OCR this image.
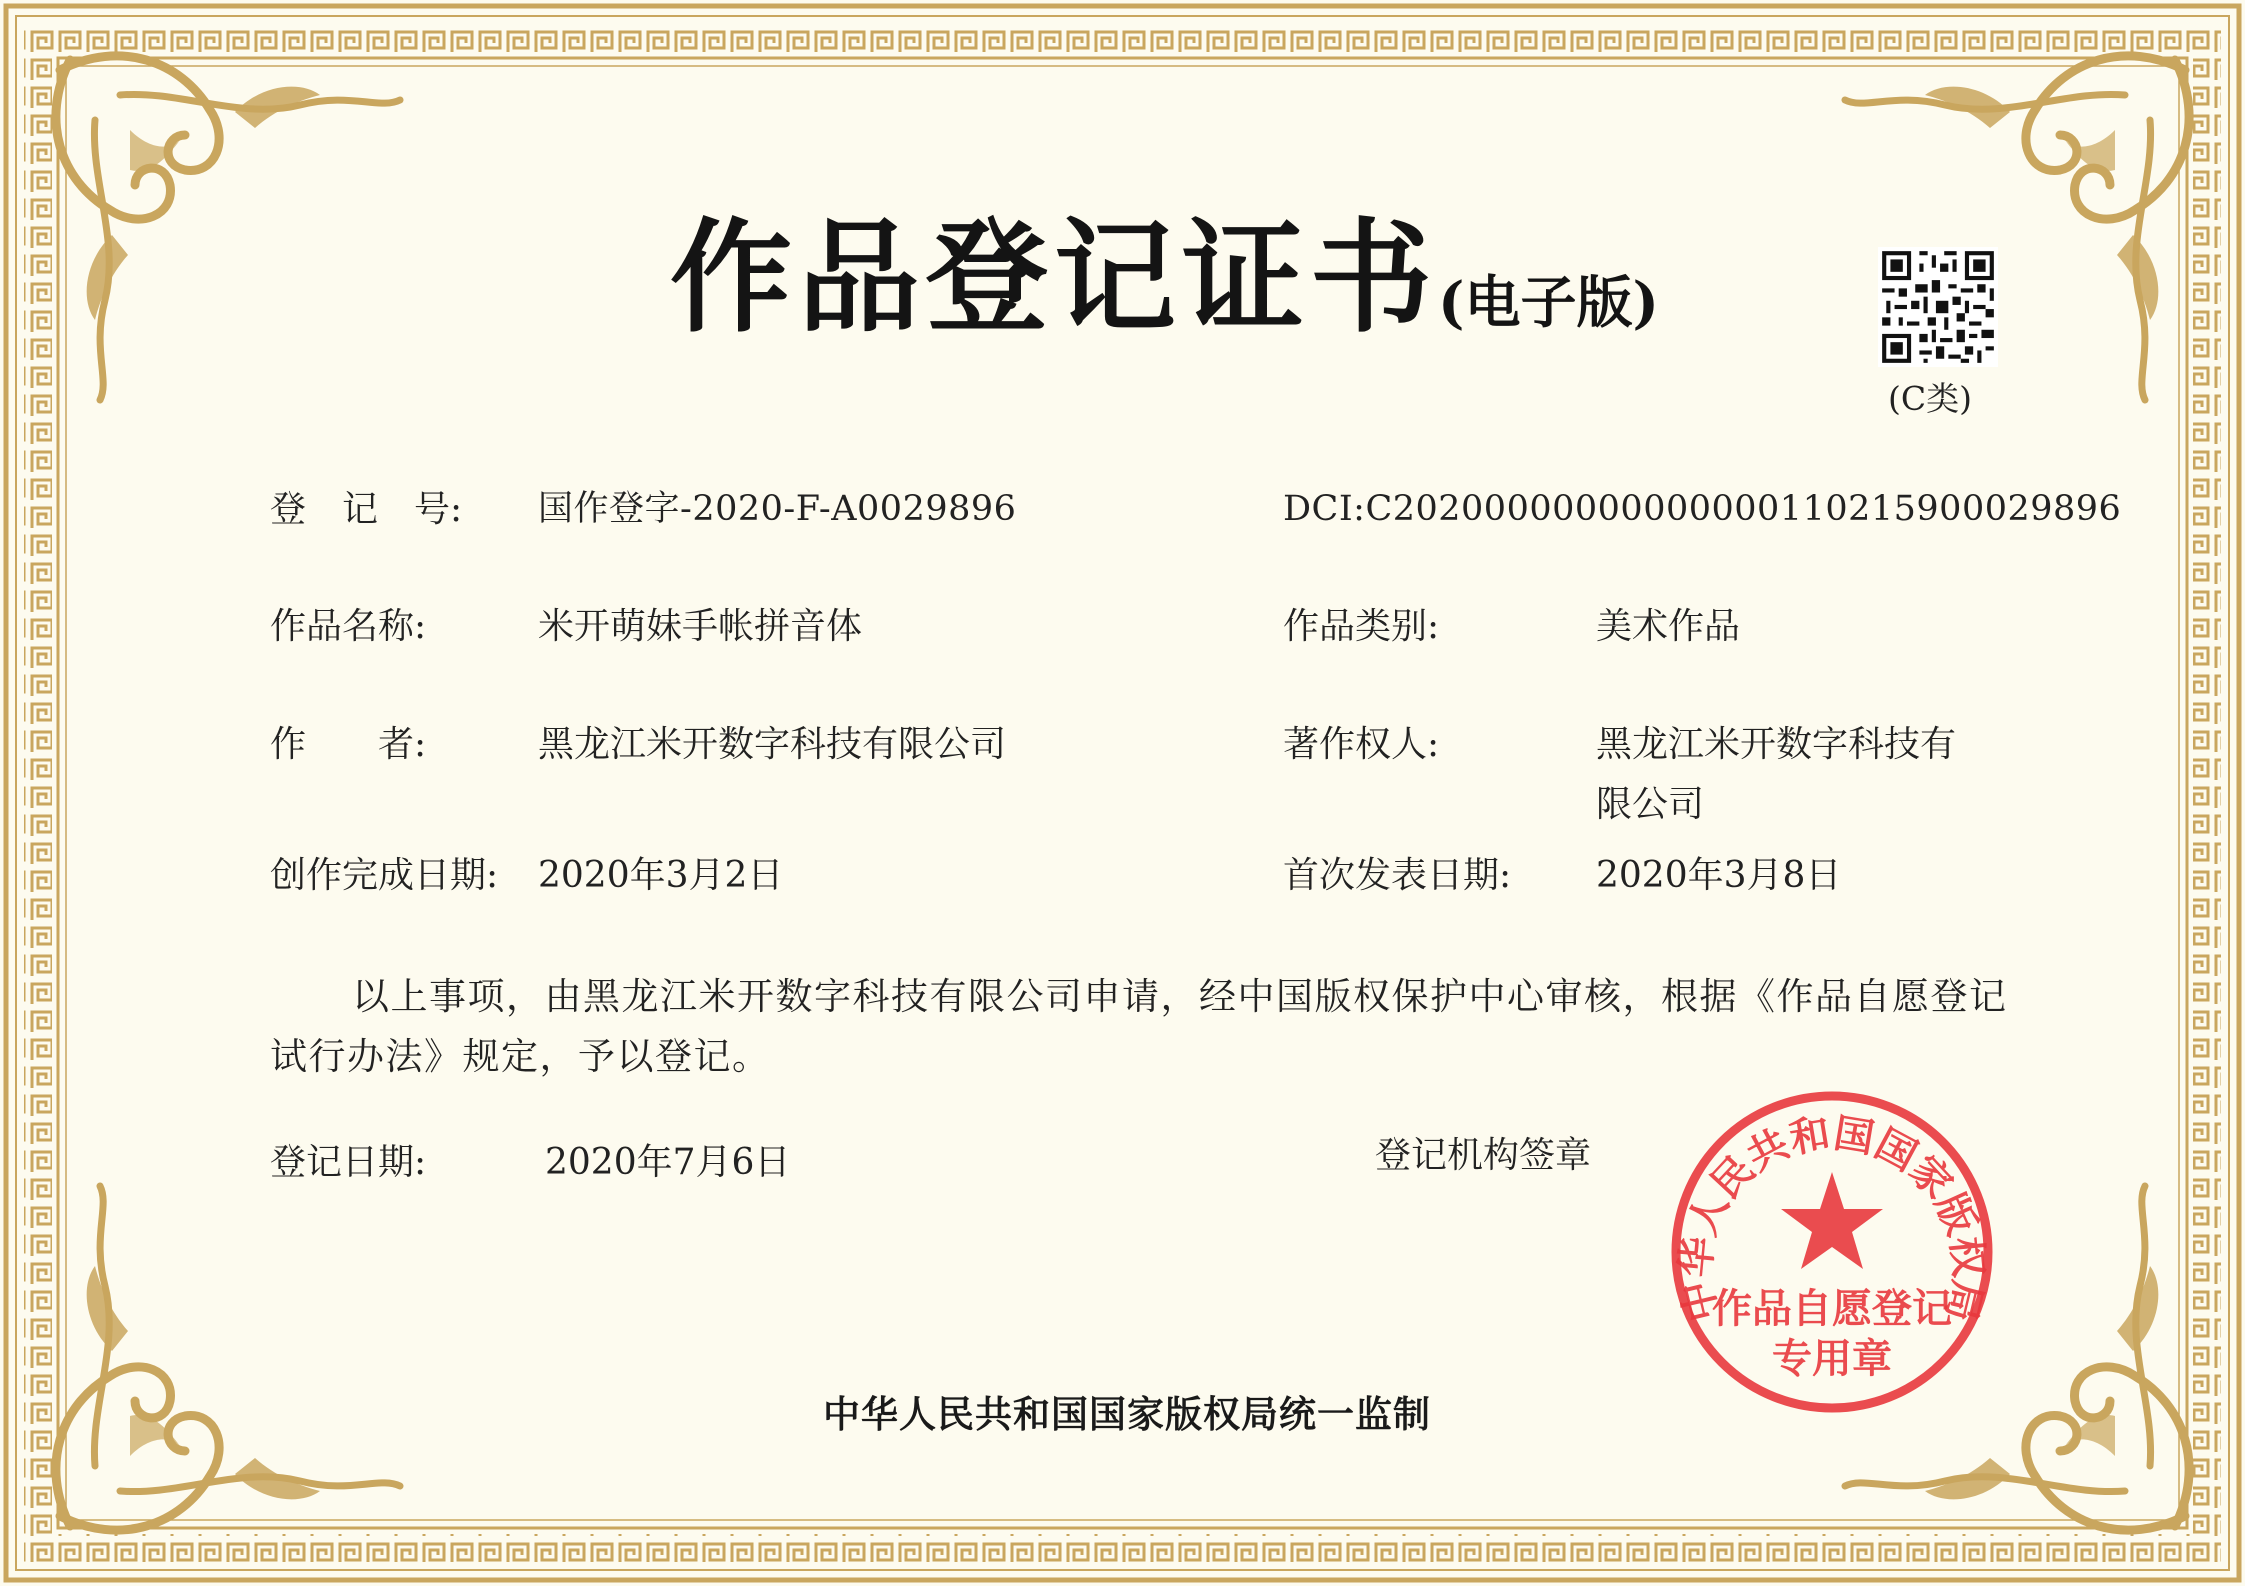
作品登记证书 (电子版)
(C类)
登　记　号: 国作登字-2020-F-A0029896	DCI:C20200000000000000110215900029896
作品名称:	米开萌妹手帐拼音体	作品类别:	美术作品
作　　者:	黑龙江米开数字科技有限公司	著作权人:	黑龙江米开数字科技有
限公司
创作完成日期: 2020年3月2日	首次发表日期: 2020年3月8日
以上事项，由黑龙江米开数字科技有限公司申请，经中国版权保护中心审核，根据《作品自愿登记
试行办法》规定，予以登记。
登记日期:	2020年7月6日	登记机构签章
中华人民共和国国家版权局
作品自愿登记
专用章
中华人民共和国国家版权局统一监制
